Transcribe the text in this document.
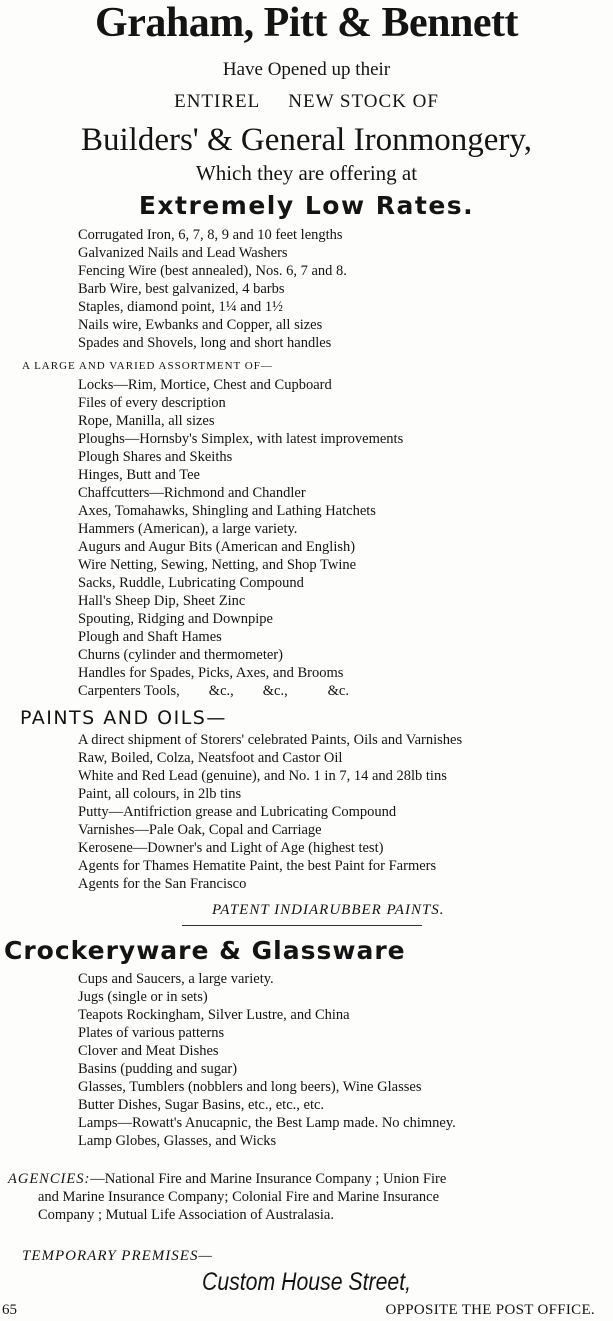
Graham, Pitt & Bennett
Have Opened up their
ENTIREL NEW STOCK OF
Builders' & General Ironmongery,
Which they are offering at
Extremely Low Rates.
Corrugated Iron, 6, 7, 8, 9 and 10 feet lengths
Galvanized Nails and Lead Washers
Fencing Wire (best annealed), Nos. 6, 7 and 8.
Barb Wire, best galvanized, 4 barbs
Staples, diamond point, 1¼ and 1½
Nails wire, Ewbanks and Copper, all sizes
Spades and Shovels, long and short handles
A LARGE AND VARIED ASSORTMENT OF—
Locks—Rim, Mortice, Chest and Cupboard
Files of every description
Rope, Manilla, all sizes
Ploughs—Hornsby's Simplex, with latest improvements
Plough Shares and Skeiths
Hinges, Butt and Tee
Chaffcutters—Richmond and Chandler
Axes, Tomahawks, Shingling and Lathing Hatchets
Hammers (American), a large variety.
Augurs and Augur Bits (American and English)
Wire Netting, Sewing, Netting, and Shop Twine
Sacks, Ruddle, Lubricating Compound
Hall's Sheep Dip, Sheet Zinc
Spouting, Ridging and Downpipe
Plough and Shaft Hames
Churns (cylinder and thermometer)
Handles for Spades, Picks, Axes, and Brooms
Carpenters Tools,        &c.,        &c.,           &c.
PAINTS AND OILS—
A direct shipment of Storers' celebrated Paints, Oils and Varnishes
Raw, Boiled, Colza, Neatsfoot and Castor Oil
White and Red Lead (genuine), and No. 1 in 7, 14 and 28lb tins
Paint, all colours, in 2lb tins
Putty—Antifriction grease and Lubricating Compound
Varnishes—Pale Oak, Copal and Carriage
Kerosene—Downer's and Light of Age (highest test)
Agents for Thames Hematite Paint, the best Paint for Farmers
Agents for the San Francisco
PATENT INDIARUBBER PAINTS.
Crockeryware & Glassware
Cups and Saucers, a large variety.
Jugs (single or in sets)
Teapots Rockingham, Silver Lustre, and China
Plates of various patterns
Clover and Meat Dishes
Basins (pudding and sugar)
Glasses, Tumblers (nobblers and long beers), Wine Glasses
Butter Dishes, Sugar Basins, etc., etc., etc.
Lamps—Rowatt's Anucapnic, the Best Lamp made. No chimney.
Lamp Globes, Glasses, and Wicks

AGENCIES:—National Fire and Marine Insurance Company ; Union Fire

and Marine Insurance Company; Colonial Fire and Marine Insurance

Company ; Mutual Life Association of Australasia.

TEMPORARY PREMISES—
Custom House Street,
65	OPPOSITE THE POST OFFICE.
